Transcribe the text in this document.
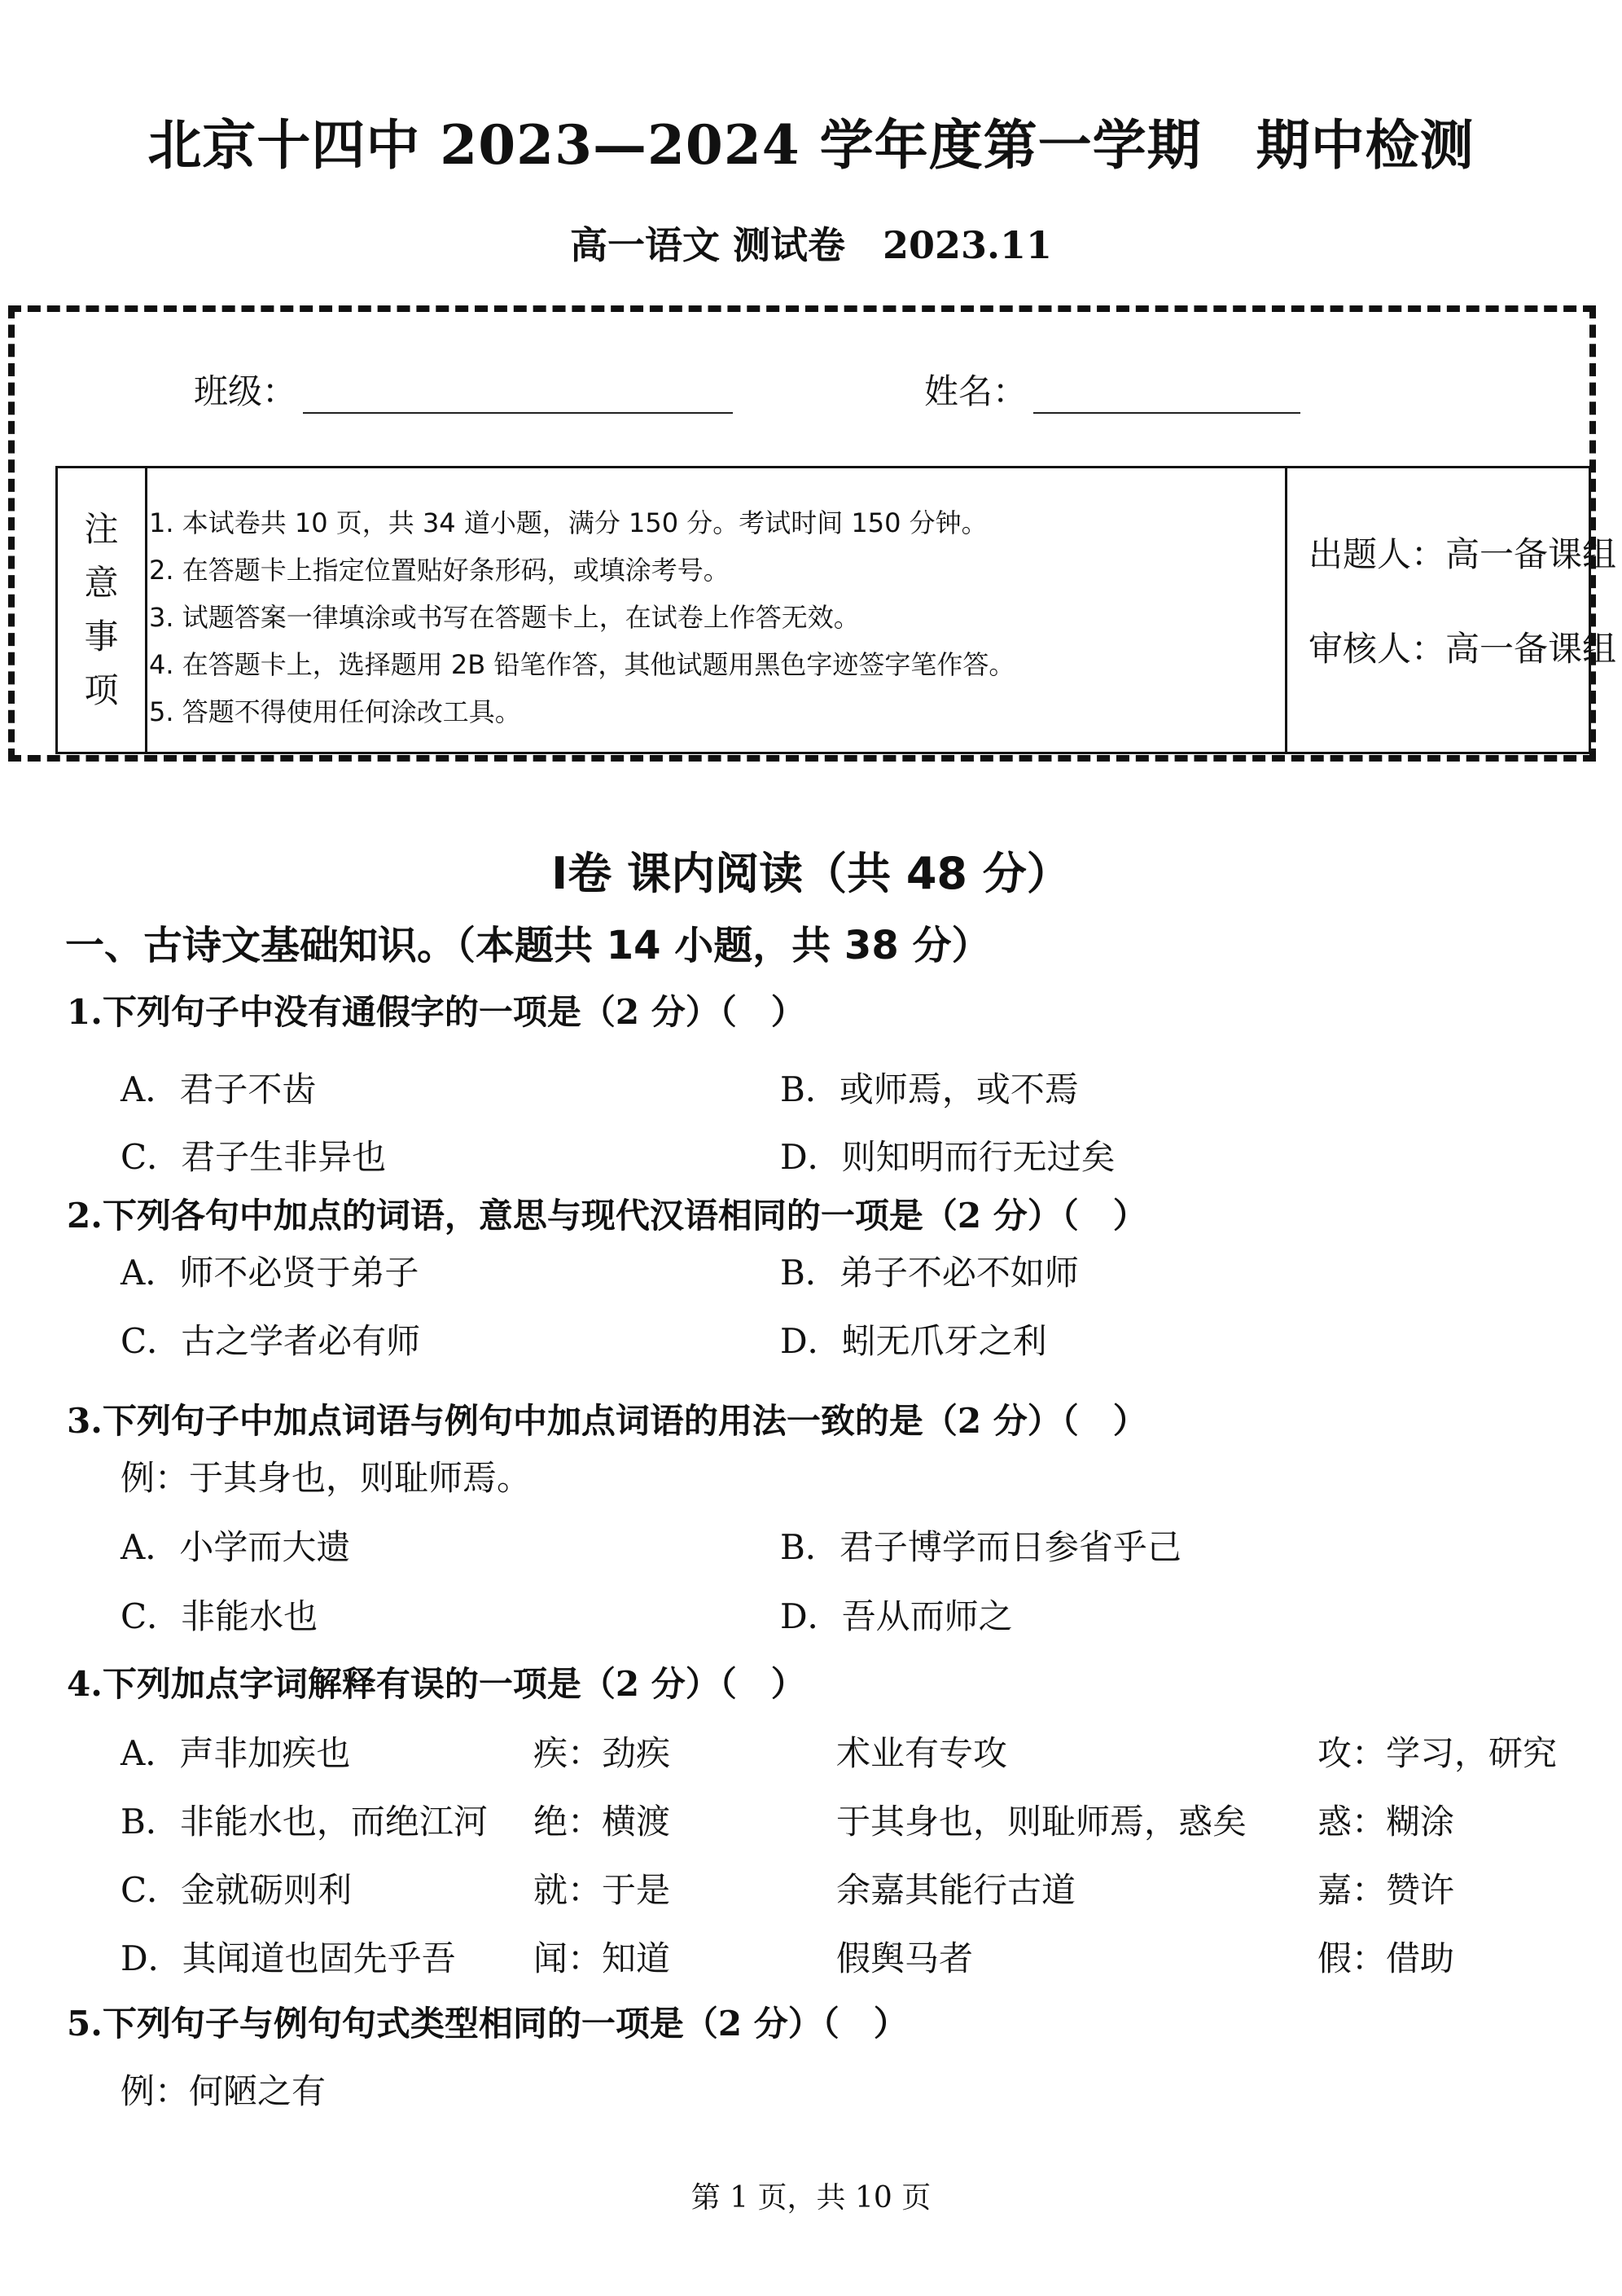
北京十四中 2023—2024 学年度第一学期　期中检测
高一语文 测试卷　2023.11
班级：	姓名：
注
意
事
项
1. 本试卷共 10 页，共 34 道小题，满分 150 分。考试时间 150 分钟。
2. 在答题卡上指定位置贴好条形码，或填涂考号。
3. 试题答案一律填涂或书写在答题卡上，在试卷上作答无效。
4. 在答题卡上，选择题用 2B 铅笔作答，其他试题用黑色字迹签字笔作答。
5. 答题不得使用任何涂改工具。
出题人：高一备课组
审核人：高一备课组
Ⅰ卷 课内阅读（共 48 分）
一、古诗文基础知识。（本题共 14 小题，共 38 分）
1.下列句子中没有通假字的一项是（2 分）（　）
A．君子不齿	B．或师焉，或不焉
C．君子生非异也	D．则知明而行无过矣
2.下列各句中加点的词语，意思与现代汉语相同的一项是（2 分）（　）
A．师不必贤于弟子	B．弟子不必不如师
C．古之学者必有师	D．蚓无爪牙之利
3.下列句子中加点词语与例句中加点词语的用法一致的是（2 分）（　）
例：于其身也，则耻师焉。
A．小学而大遗	B．君子博学而日参省乎己
C．非能水也	D．吾从而师之
4.下列加点字词解释有误的一项是（2 分）（　）
A．声非加疾也	疾：劲疾	术业有专攻	攻：学习，研究
B．非能水也，而绝江河 绝：横渡	于其身也，则耻师焉，惑矣 惑：糊涂
C．金就砺则利	就：于是	余嘉其能行古道	嘉：赞许
D．其闻道也固先乎吾 闻：知道	假舆马者	假：借助
5.下列句子与例句句式类型相同的一项是（2 分）（　）
例：何陋之有
第 1 页，共 10 页
